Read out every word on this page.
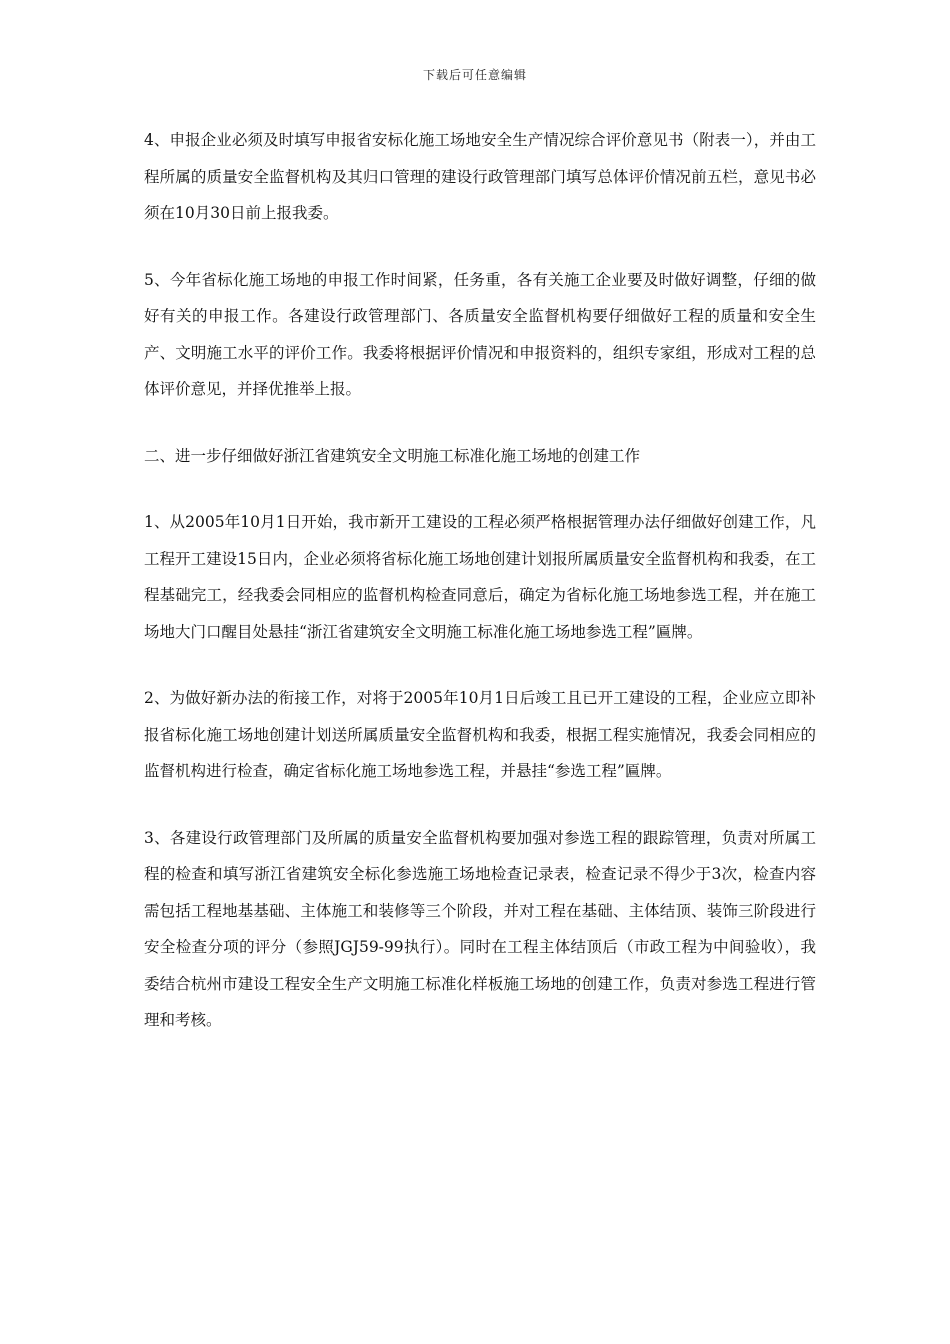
下载后可任意编辑

4、申报企业必须及时填写申报省安标化施工场地安全生产情况综合评价意见书（附表一），并由工程所属的质量安全监督机构及其归口管理的建设行政管理部门填写总体评价情况前五栏，意见书必须在10月30日前上报我委。

5、今年省标化施工场地的申报工作时间紧，任务重，各有关施工企业要及时做好调整，仔细的做好有关的申报工作。各建设行政管理部门、各质量安全监督机构要仔细做好工程的质量和安全生产、文明施工水平的评价工作。我委将根据评价情况和申报资料的，组织专家组，形成对工程的总体评价意见，并择优推举上报。

二、进一步仔细做好浙江省建筑安全文明施工标准化施工场地的创建工作

1、从2005年10月1日开始，我市新开工建设的工程必须严格根据管理办法仔细做好创建工作，凡工程开工建设15日内，企业必须将省标化施工场地创建计划报所属质量安全监督机构和我委，在工程基础完工，经我委会同相应的监督机构检查同意后，确定为省标化施工场地参选工程，并在施工场地大门口醒目处悬挂“浙江省建筑安全文明施工标准化施工场地参选工程”匾牌。

2、为做好新办法的衔接工作，对将于2005年10月1日后竣工且已开工建设的工程，企业应立即补报省标化施工场地创建计划送所属质量安全监督机构和我委，根据工程实施情况，我委会同相应的监督机构进行检查，确定省标化施工场地参选工程，并悬挂“参选工程”匾牌。

3、各建设行政管理部门及所属的质量安全监督机构要加强对参选工程的跟踪管理，负责对所属工程的检查和填写浙江省建筑安全标化参选施工场地检查记录表，检查记录不得少于3次，检查内容需包括工程地基基础、主体施工和装修等三个阶段，并对工程在基础、主体结顶、装饰三阶段进行安全检查分项的评分（参照JGJ59-99执行）。同时在工程主体结顶后（市政工程为中间验收），我委结合杭州市建设工程安全生产文明施工标准化样板施工场地的创建工作，负责对参选工程进行管理和考核。
